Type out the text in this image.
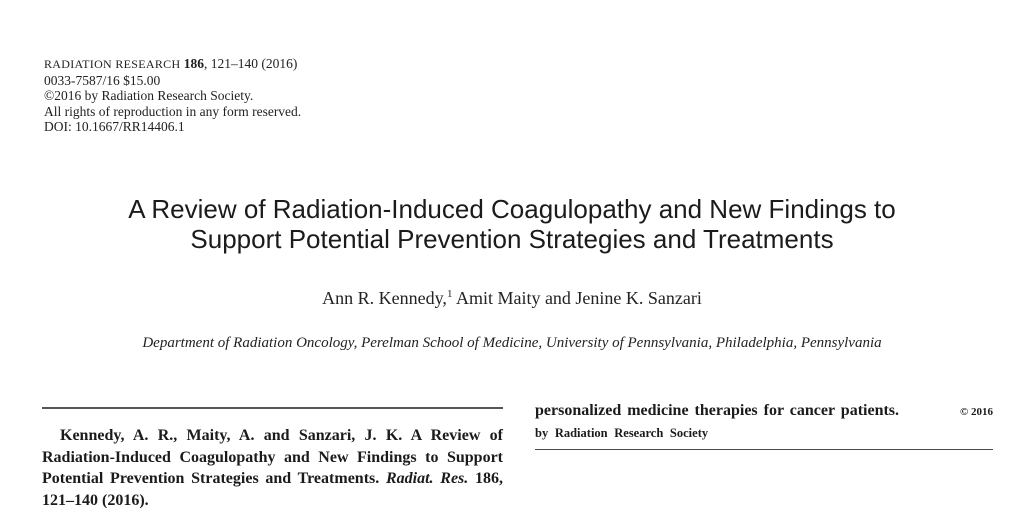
RADIATION RESEARCH 186, 121–140 (2016)
0033-7587/16 $15.00
©2016 by Radiation Research Society.
All rights of reproduction in any form reserved.
DOI: 10.1667/RR14406.1
A Review of Radiation-Induced Coagulopathy and New Findings to
Support Potential Prevention Strategies and Treatments
Ann R. Kennedy,$^1$ Amit Maity and Jenine K. Sanzari
Department of Radiation Oncology, Perelman School of Medicine, University of Pennsylvania, Philadelphia, Pennsylvania

Kennedy, A. R., Maity, A. and Sanzari, J. K. A Review of Radiation-Induced Coagulopathy and New Findings to Support Potential Prevention Strategies and Treatments. Radiat. Res. 186, 121–140 (2016).

personalized medicine therapies for cancer patients.	© 2016
by Radiation Research Society
